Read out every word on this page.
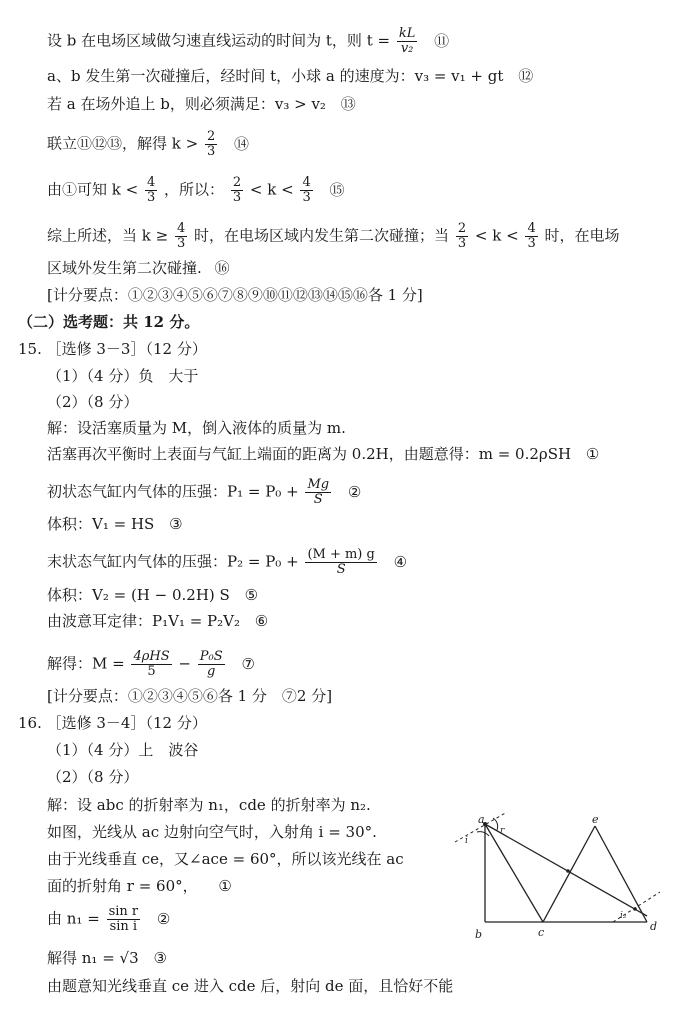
设 b 在电场区域做匀速直线运动的时间为 t，则 $t = \frac{kL}{\text{v₂}}$ ⑪
a、b 发生第一次碰撞后，经时间 t，小球 a 的速度为：v₃ = v₁ + gt ⑫
若 a 在场外追上 b，则必须满足：v₃ > v₂ ⑬
联立⑪⑫⑬，解得 $k > \frac{2}{3}$ ⑭
由①可知 $k < \frac{4}{3}$ ，所以： $\frac{2}{3} < k < \frac{4}{3}$ ⑮
综上所述，当 $k \ge \frac{4}{3}$ 时，在电场区域内发生第二次碰撞；当 $\frac{2}{3} < k < \frac{4}{3}$ 时，在电场
区域外发生第二次碰撞. ⑯
[计分要点：①②③④⑤⑥⑦⑧⑨⑩⑪⑫⑬⑭⑮⑯各 1 分]
（二）选考题：共 12 分。
15. ［选修 3－3］（12 分）
（1）（4 分）负　大于
（2）（8 分）
解：设活塞质量为 M，倒入液体的质量为 m.
活塞再次平衡时上表面与气缸上端面的距离为 0.2H，由题意得：m = 0.2ρSH ①
初状态气缸内气体的压强：$P_1 = P_0 + \frac{Mg}{S}$ ②
体积：V₁ = HS ③
末状态气缸内气体的压强：$P_2 = P_0 + \frac{(M + m) g}{S}$ ④
体积：V₂ = (H − 0.2H) S ⑤
由波意耳定律：P₁V₁ = P₂V₂ ⑥
解得：$M = \frac{\text{4ρHS}}{5} - \frac{\text{P₀S}}{g}$ ⑦
[计分要点：①②③④⑤⑥各 1 分　⑦2 分]
16. ［选修 3－4］（12 分）
（1）（4 分）上　波谷
（2）（8 分）
解：设 abc 的折射率为 n₁，cde 的折射率为 n₂.
如图，光线从 ac 边射向空气时，入射角 i = 30°.
由于光线垂直 ce，又∠ace = 60°，所以该光线在 ac
面的折射角 r = 60°， ①
由 $n_1 = \frac{\text{sin r}}{\text{sin i}}$ ②
解得 n₁ = √3 ③
由题意知光线垂直 ce 进入 cde 后，射向 de 面，且恰好不能
a
b	c	d
e
i
r
i₂
